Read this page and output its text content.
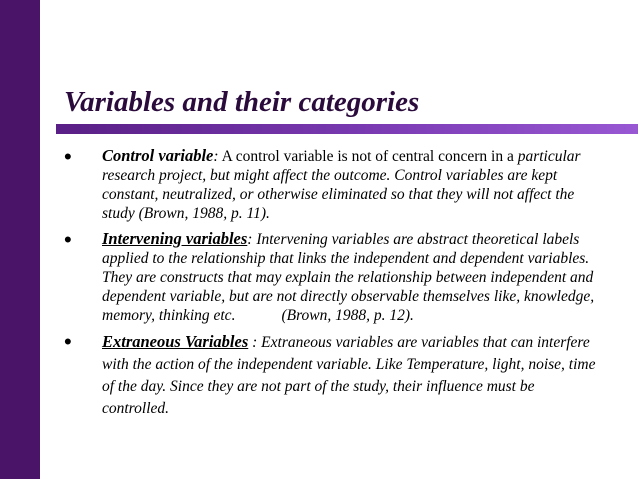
Variables and their categories
• Control variable: A control variable is not of central concern in a particular research project, but might affect the outcome. Control variables are kept constant, neutralized, or otherwise eliminated so that they will not affect the study (Brown, 1988, p. 11).
• Intervening variables: Intervening variables are abstract theoretical labels applied to the relationship that links the independent and dependent variables. They are constructs that may explain the relationship between independent and dependent variable, but are not directly observable themselves like, knowledge, memory, thinking etc.	(Brown, 1988, p. 12).
• Extraneous Variables : Extraneous variables are variables that can interfere with the action of the independent variable. Like Temperature, light, noise, time of the day. Since they are not part of the study, their influence must be controlled.
